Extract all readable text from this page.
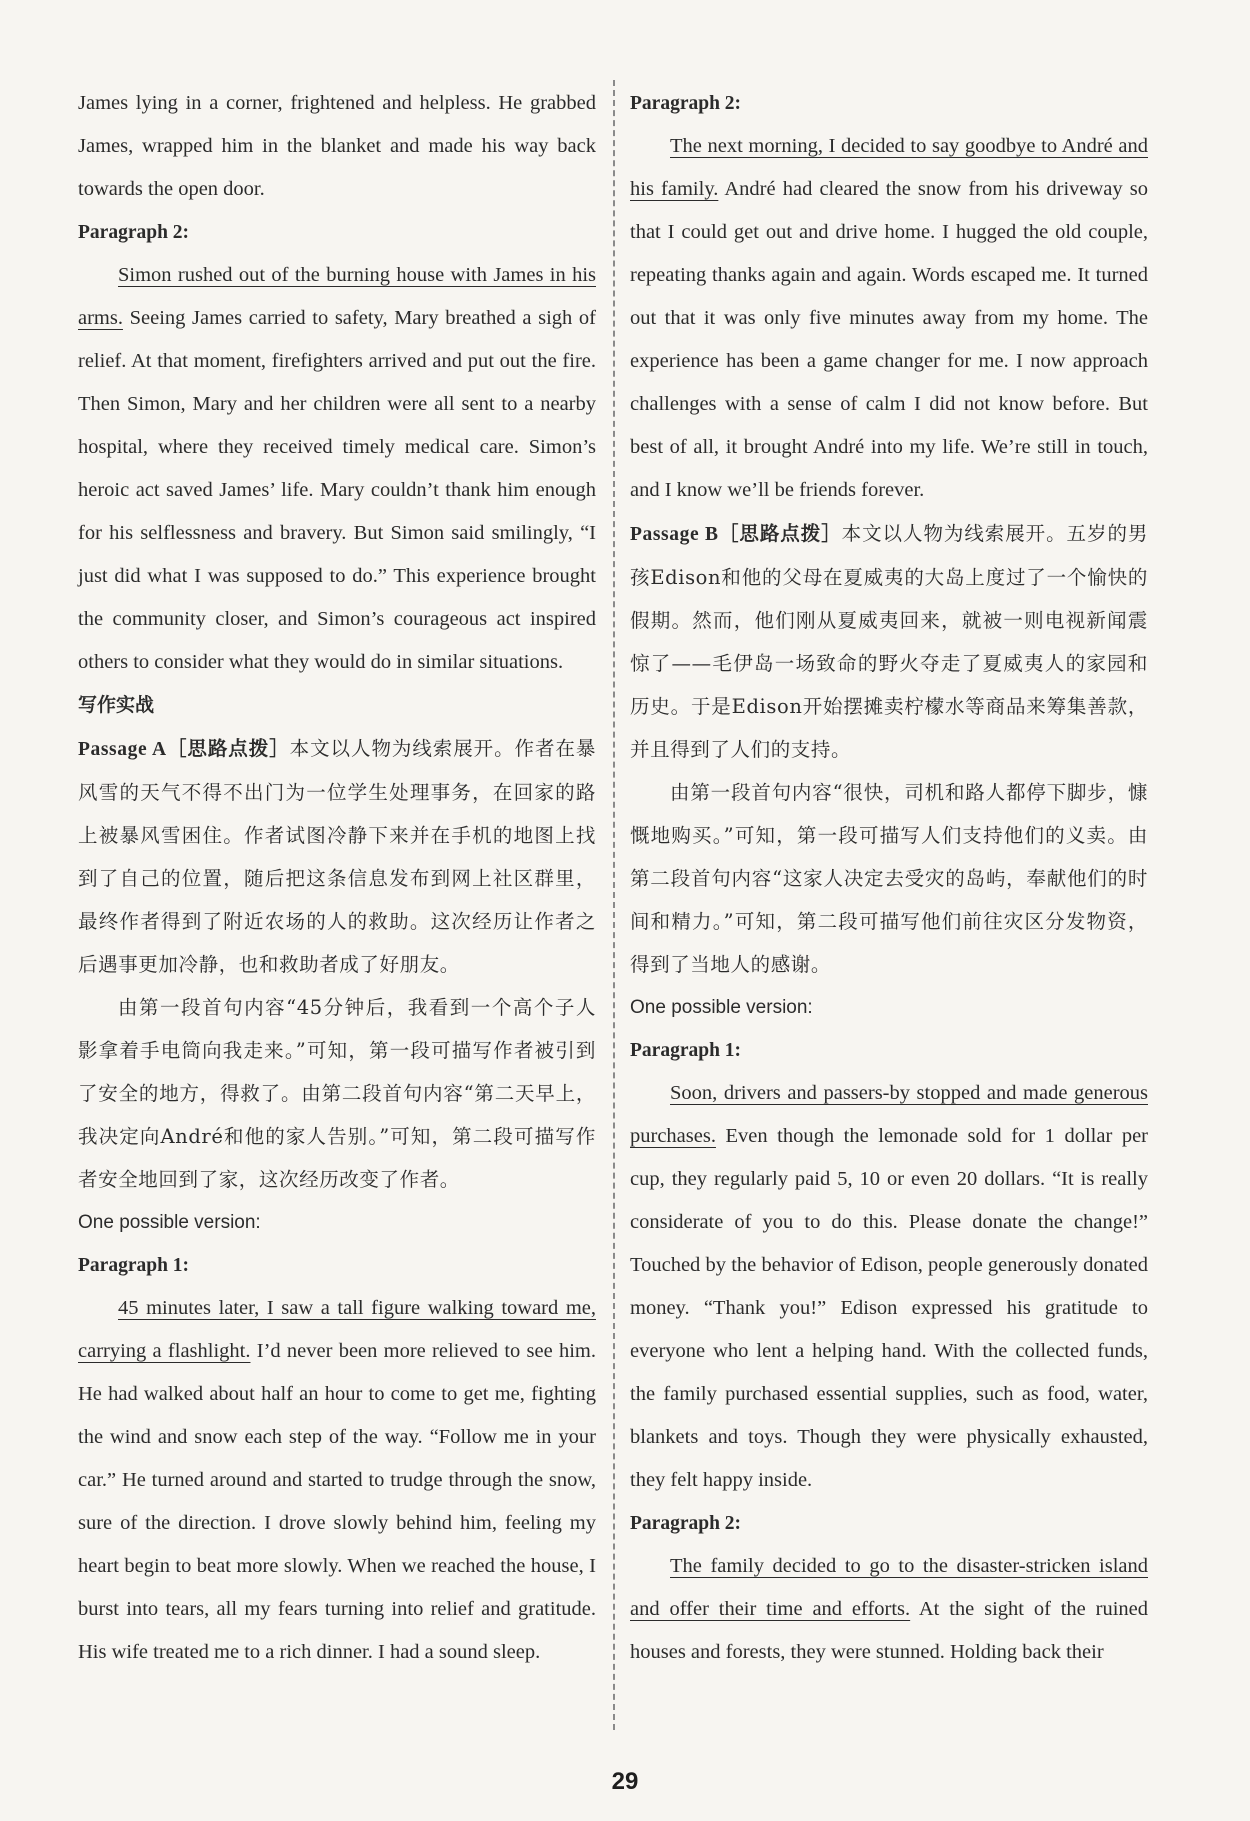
James lying in a corner, frightened and helpless. He grabbed James, wrapped him in the blanket and made his way back towards the open door.

Paragraph 2:

Simon rushed out of the burning house with James in his arms. Seeing James carried to safety, Mary breathed a sigh of relief. At that moment, firefighters arrived and put out the fire. Then Simon, Mary and her children were all sent to a nearby hospital, where they received timely medical care. Simon’s heroic act saved James’ life. Mary couldn’t thank him enough for his selflessness and bravery. But Simon said smilingly, “I just did what I was supposed to do.” This experience brought the community closer, and Simon’s courageous act inspired others to consider what they would do in similar situations.

写作实战

Passage A［思路点拨］本文以人物为线索展开。作者在暴风雪的天气不得不出门为一位学生处理事务，在回家的路上被暴风雪困住。作者试图冷静下来并在手机的地图上找到了自己的位置，随后把这条信息发布到网上社区群里，最终作者得到了附近农场的人的救助。这次经历让作者之后遇事更加冷静，也和救助者成了好朋友。

由第一段首句内容“45分钟后，我看到一个高个子人影拿着手电筒向我走来。”可知，第一段可描写作者被引到了安全的地方，得救了。由第二段首句内容“第二天早上，我决定向André和他的家人告别。”可知，第二段可描写作者安全地回到了家，这次经历改变了作者。

One possible version:

Paragraph 1:

45 minutes later, I saw a tall figure walking toward me, carrying a flashlight. I’d never been more relieved to see him. He had walked about half an hour to come to get me, fighting the wind and snow each step of the way. “Follow me in your car.” He turned around and started to trudge through the snow, sure of the direction. I drove slowly behind him, feeling my heart begin to beat more slowly. When we reached the house, I burst into tears, all my fears turning into relief and gratitude. His wife treated me to a rich dinner. I had a sound sleep.

Paragraph 2:

The next morning, I decided to say goodbye to André and his family. André had cleared the snow from his driveway so that I could get out and drive home. I hugged the old couple, repeating thanks again and again. Words escaped me. It turned out that it was only five minutes away from my home. The experience has been a game changer for me. I now approach challenges with a sense of calm I did not know before. But best of all, it brought André into my life. We’re still in touch, and I know we’ll be friends forever.

Passage B［思路点拨］本文以人物为线索展开。五岁的男孩Edison和他的父母在夏威夷的大岛上度过了一个愉快的假期。然而，他们刚从夏威夷回来，就被一则电视新闻震惊了——毛伊岛一场致命的野火夺走了夏威夷人的家园和历史。于是Edison开始摆摊卖柠檬水等商品来筹集善款，并且得到了人们的支持。

由第一段首句内容“很快，司机和路人都停下脚步，慷慨地购买。”可知，第一段可描写人们支持他们的义卖。由第二段首句内容“这家人决定去受灾的岛屿，奉献他们的时间和精力。”可知，第二段可描写他们前往灾区分发物资，得到了当地人的感谢。

One possible version:

Paragraph 1:

Soon, drivers and passers-by stopped and made generous purchases. Even though the lemonade sold for 1 dollar per cup, they regularly paid 5, 10 or even 20 dollars. “It is really considerate of you to do this. Please donate the change!” Touched by the behavior of Edison, people generously donated money. “Thank you!” Edison expressed his gratitude to everyone who lent a helping hand. With the collected funds, the family purchased essential supplies, such as food, water, blankets and toys. Though they were physically exhausted, they felt happy inside.

Paragraph 2:

The family decided to go to the disaster-stricken island and offer their time and efforts. At the sight of the ruined houses and forests, they were stunned. Holding back their

29
